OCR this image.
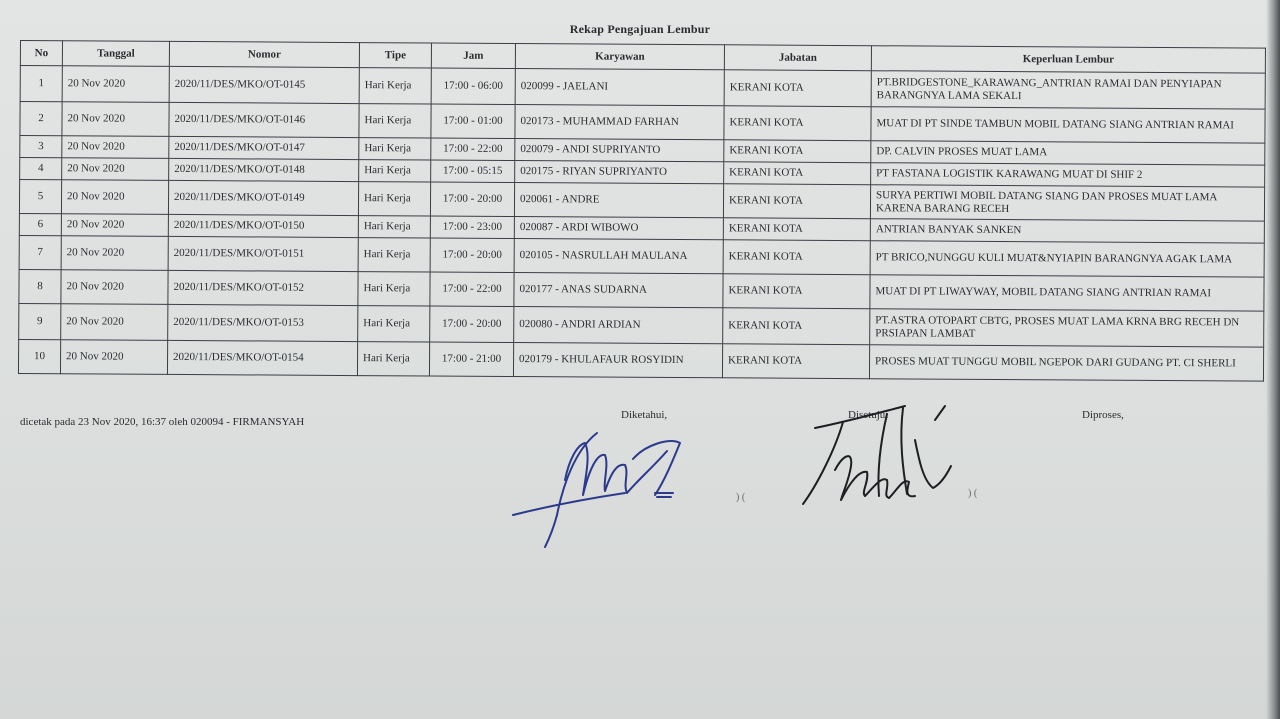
Rekap Pengajuan Lembur
No	Tanggal	Nomor	Tipe	Jam	Karyawan	Jabatan	Keperluan Lembur
1	20 Nov 2020	2020/11/DES/MKO/OT-0145	Hari Kerja	17:00 - 06:00	020099 - JAELANI	KERANI KOTA	PT.BRIDGESTONE_KARAWANG_ANTRIAN RAMAI DAN PENYIAPAN BARANGNYA LAMA SEKALI
2	20 Nov 2020	2020/11/DES/MKO/OT-0146	Hari Kerja	17:00 - 01:00	020173 - MUHAMMAD FARHAN	KERANI KOTA	MUAT DI PT SINDE TAMBUN MOBIL DATANG SIANG ANTRIAN RAMAI
3	20 Nov 2020	2020/11/DES/MKO/OT-0147	Hari Kerja	17:00 - 22:00	020079 - ANDI SUPRIYANTO	KERANI KOTA	DP. CALVIN PROSES MUAT LAMA
4	20 Nov 2020	2020/11/DES/MKO/OT-0148	Hari Kerja	17:00 - 05:15	020175 - RIYAN SUPRIYANTO	KERANI KOTA	PT FASTANA LOGISTIK KARAWANG MUAT DI SHIF 2
5	20 Nov 2020	2020/11/DES/MKO/OT-0149	Hari Kerja	17:00 - 20:00	020061 - ANDRE	KERANI KOTA	SURYA PERTIWI MOBIL DATANG SIANG DAN PROSES MUAT LAMA KARENA BARANG RECEH
6	20 Nov 2020	2020/11/DES/MKO/OT-0150	Hari Kerja	17:00 - 23:00	020087 - ARDI WIBOWO	KERANI KOTA	ANTRIAN BANYAK SANKEN
7	20 Nov 2020	2020/11/DES/MKO/OT-0151	Hari Kerja	17:00 - 20:00	020105 - NASRULLAH MAULANA	KERANI KOTA	PT BRICO,NUNGGU KULI MUAT&NYIAPIN BARANGNYA AGAK LAMA
8	20 Nov 2020	2020/11/DES/MKO/OT-0152	Hari Kerja	17:00 - 22:00	020177 - ANAS SUDARNA	KERANI KOTA	MUAT DI PT LIWAYWAY, MOBIL DATANG SIANG ANTRIAN RAMAI
9	20 Nov 2020	2020/11/DES/MKO/OT-0153	Hari Kerja	17:00 - 20:00	020080 - ANDRI ARDIAN	KERANI KOTA	PT.ASTRA OTOPART CBTG, PROSES MUAT LAMA KRNA BRG RECEH DN PRSIAPAN LAMBAT
10	20 Nov 2020	2020/11/DES/MKO/OT-0154	Hari Kerja	17:00 - 21:00	020179 - KHULAFAUR ROSYIDIN	KERANI KOTA	PROSES MUAT TUNGGU MOBIL NGEPOK DARI GUDANG PT. CI SHERLI
dicetak pada 23 Nov 2020, 16:37 oleh 020094 - FIRMANSYAH
Diketahui,	Disetujui	Diproses,
) (	) (
